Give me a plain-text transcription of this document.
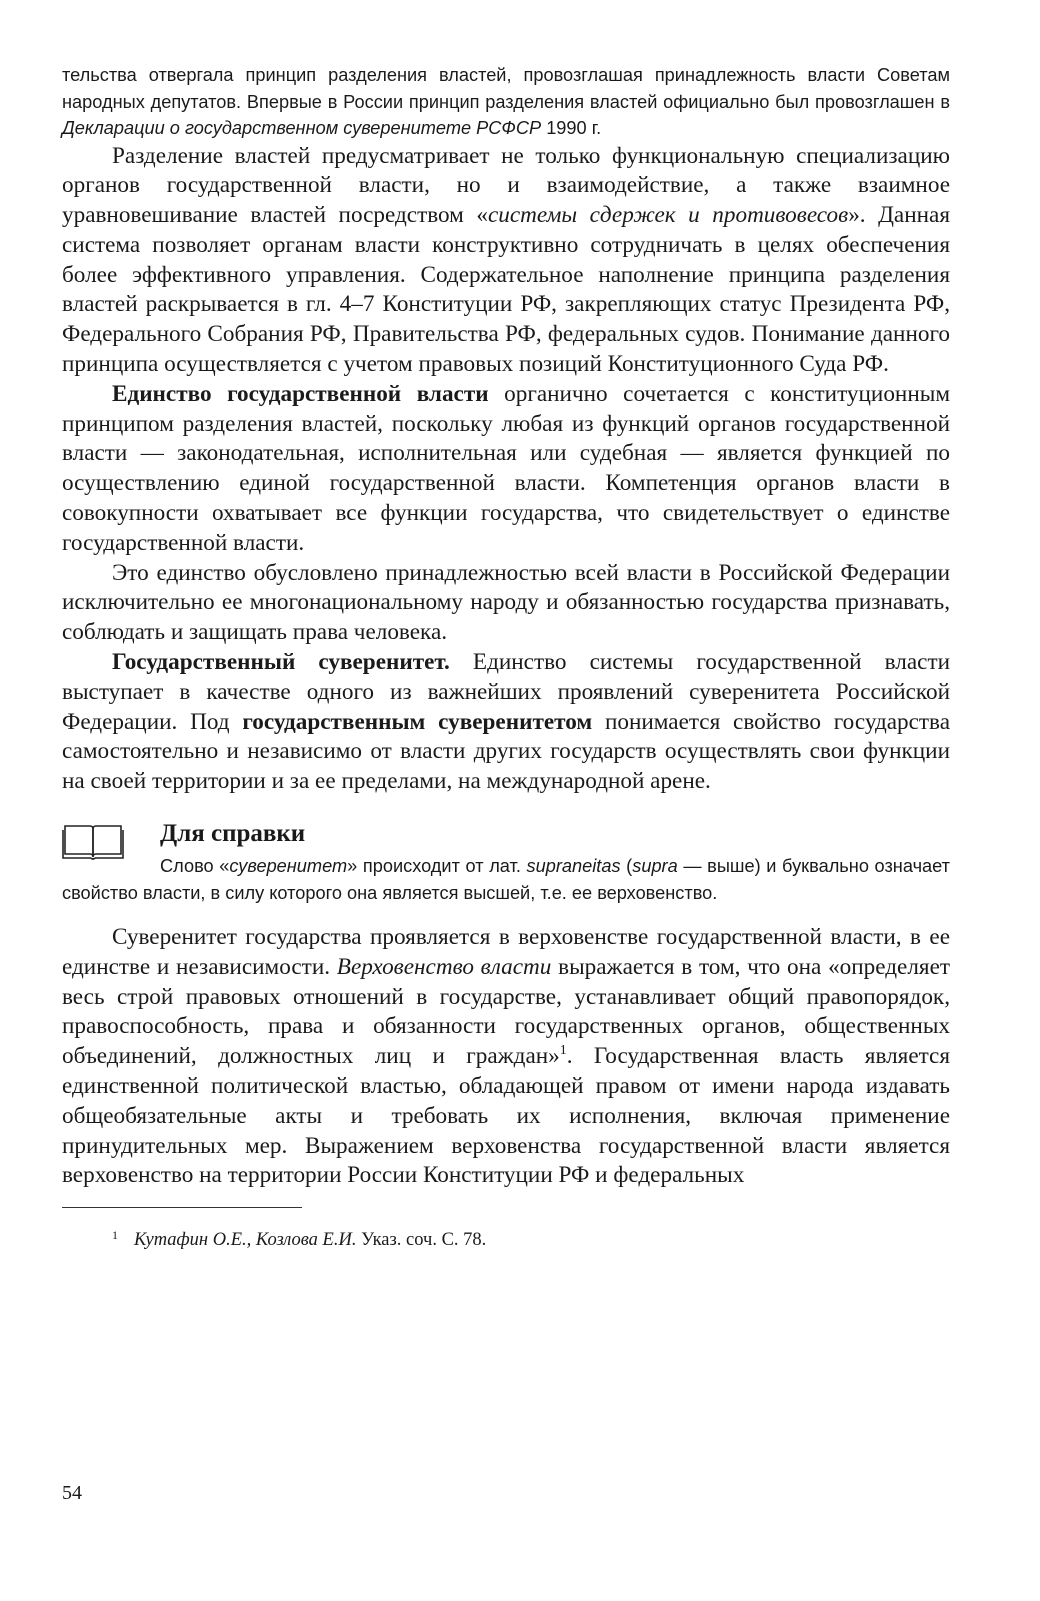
тельства отвергала принцип разделения властей, провозглашая принадлежность власти Советам народных депутатов. Впервые в России принцип разделения властей официально был провозглашен в Декларации о государственном суверенитете РСФСР 1990 г.

Разделение властей предусматривает не только функциональную специализацию органов государственной власти, но и взаимодействие, а также взаимное уравновешивание властей посредством «системы сдержек и противовесов». Данная система позволяет органам власти конструктивно сотрудничать в целях обеспечения более эффективного управления. Содержательное наполнение принципа разделения властей раскрывается в гл. 4–7 Конституции РФ, закрепляющих статус Президента РФ, Федерального Собрания РФ, Правительства РФ, федеральных судов. Понимание данного принципа осуществляется с учетом правовых позиций Конституционного Суда РФ.

Единство государственной власти органично сочетается с конституционным принципом разделения властей, поскольку любая из функций органов государственной власти — законодательная, исполнительная или судебная — является функцией по осуществлению единой государственной власти. Компетенция органов власти в совокупности охватывает все функции государства, что свидетельствует о единстве государственной власти.

Это единство обусловлено принадлежностью всей власти в Российской Федерации исключительно ее многонациональному народу и обязанностью государства признавать, соблюдать и защищать права человека.

Государственный суверенитет. Единство системы государственной власти выступает в качестве одного из важнейших проявлений суверенитета Российской Федерации. Под государственным суверенитетом понимается свойство государства самостоятельно и независимо от власти других государств осуществлять свои функции на своей территории и за ее пределами, на международной арене.

Для справки

Слово «суверенитет» происходит от лат. supraneitas (supra — выше) и буквально означает свойство власти, в силу которого она является высшей, т.е. ее верховенство.

Суверенитет государства проявляется в верховенстве государственной власти, в ее единстве и независимости. Верховенство власти выражается в том, что она «определяет весь строй правовых отношений в государстве, устанавливает общий правопорядок, правоспособность, права и обязанности государственных органов, общественных объединений, должностных лиц и граждан»$^1$. Государственная власть является единственной политической властью, обладающей правом от имени народа издавать общеобязательные акты и требовать их исполнения, включая применение принудительных мер. Выражением верховенства государственной власти является верховенство на территории России Конституции РФ и федеральных

$^1$ Кутафин О.Е., Козлова Е.И. Указ. соч. С. 78.

54
